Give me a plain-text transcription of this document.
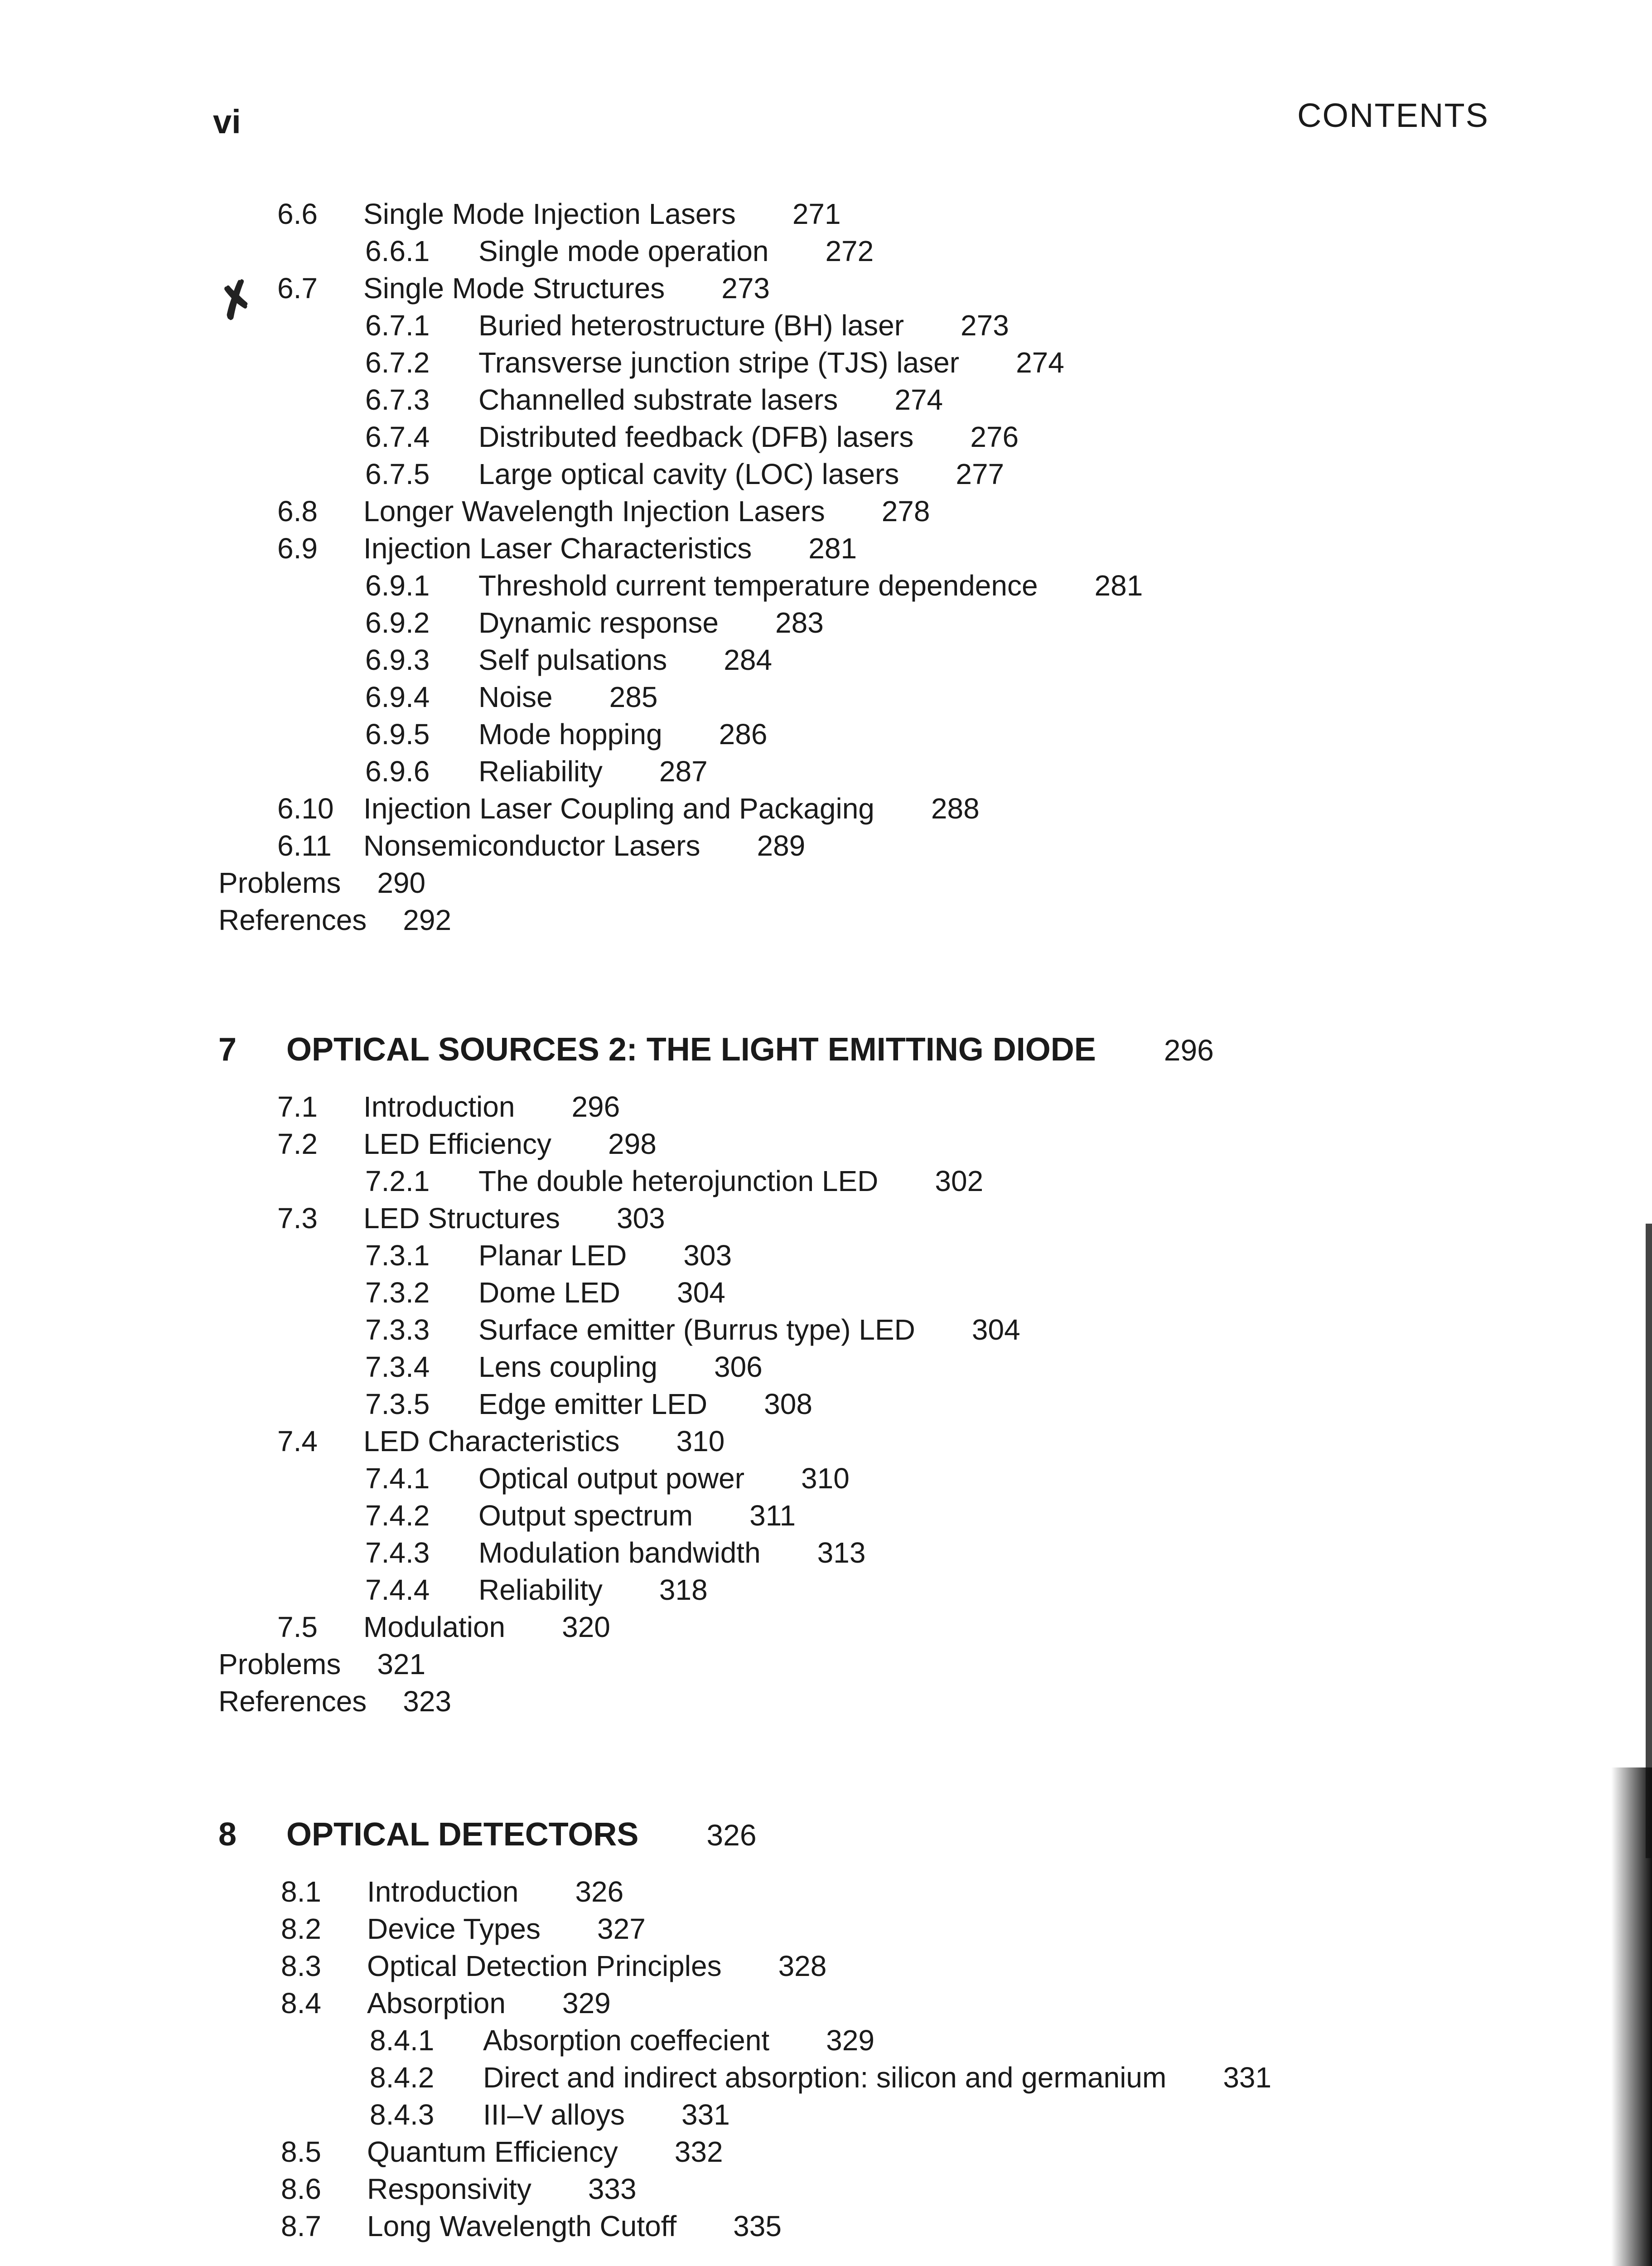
vi	CONTENTS
✗
6.6 Single Mode Injection Lasers 271
6.6.1 Single mode operation 272
6.7 Single Mode Structures 273
6.7.1 Buried heterostructure (BH) laser 273
6.7.2 Transverse junction stripe (TJS) laser 274
6.7.3 Channelled substrate lasers 274
6.7.4 Distributed feedback (DFB) lasers 276
6.7.5 Large optical cavity (LOC) lasers 277
6.8 Longer Wavelength Injection Lasers 278
6.9 Injection Laser Characteristics 281
6.9.1 Threshold current temperature dependence 281
6.9.2 Dynamic response 283
6.9.3 Self pulsations 284
6.9.4 Noise 285
6.9.5 Mode hopping 286
6.9.6 Reliability 287
6.10 Injection Laser Coupling and Packaging 288
6.11 Nonsemiconductor Lasers 289
Problems 290
References 292
7 OPTICAL SOURCES 2: THE LIGHT EMITTING DIODE 296
7.1 Introduction 296
7.2 LED Efficiency 298
7.2.1 The double heterojunction LED 302
7.3 LED Structures 303
7.3.1 Planar LED 303
7.3.2 Dome LED 304
7.3.3 Surface emitter (Burrus type) LED 304
7.3.4 Lens coupling 306
7.3.5 Edge emitter LED 308
7.4 LED Characteristics 310
7.4.1 Optical output power 310
7.4.2 Output spectrum 311
7.4.3 Modulation bandwidth 313
7.4.4 Reliability 318
7.5 Modulation 320
Problems 321
References 323
8 OPTICAL DETECTORS 326
8.1 Introduction 326
8.2 Device Types 327
8.3 Optical Detection Principles 328
8.4 Absorption 329
8.4.1 Absorption coeffecient 329
8.4.2 Direct and indirect absorption: silicon and germanium 331
8.4.3 III–V alloys 331
8.5 Quantum Efficiency 332
8.6 Responsivity 333
8.7 Long Wavelength Cutoff 335
